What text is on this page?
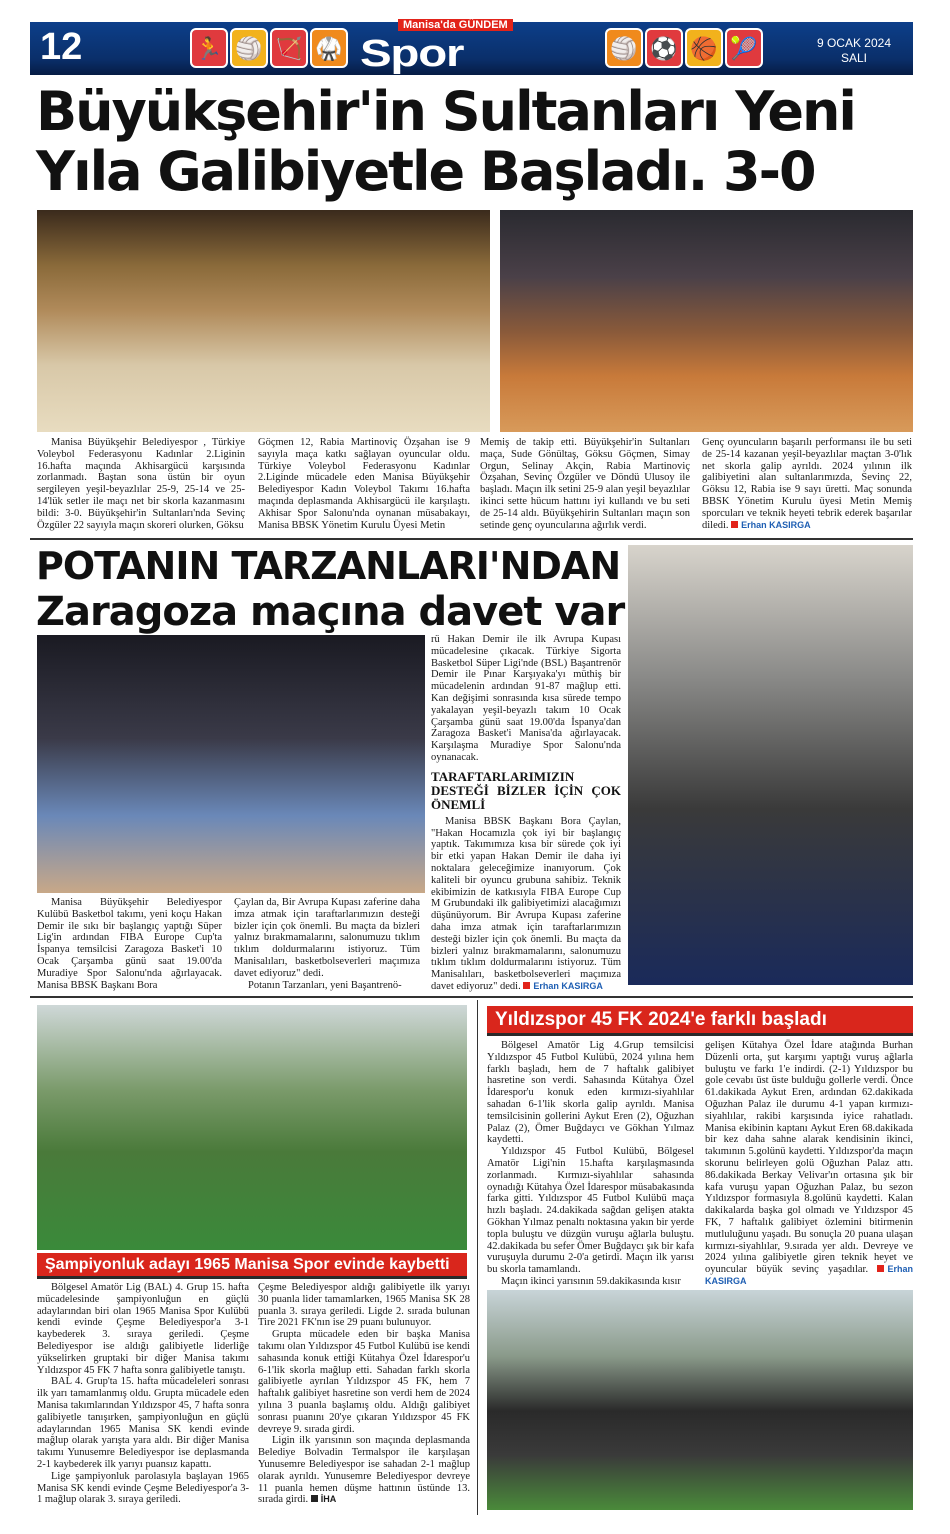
12	🏃 🏐 🏹 🥋 Spor
Manisa'da GÜNDEM
🏐 ⚽ 🏀 🎾	9 OCAK 2024
SALI
Büyükşehir'in Sultanları Yeni
Yıla Galibiyetle Başladı. 3-0

Manisa Büyükşehir Belediyespor , Türkiye Voleybol Federasyonu Kadınlar 2.Liginin 16.hafta maçında Akhisargücü karşısında zorlanmadı. Baştan sona üstün bir oyun sergileyen yeşil-beyazlılar 25-9, 25-14 ve 25-14'lük setler ile maçı net bir skorla kazanmasını bildi: 3-0. Büyükşehir'in Sultanları'nda Sevinç Özgüler 22 sayıyla maçın skoreri olurken, Göksu

Göçmen 12, Rabia Martinoviç Özşahan ise 9 sayıyla maça katkı sağlayan oyuncular oldu. Türkiye Voleybol Federasyonu Kadınlar 2.Liginde mücadele eden Manisa Büyükşehir Belediyespor Kadın Voleybol Takımı 16.hafta maçında deplasmanda Akhisargücü ile karşılaştı. Akhisar Spor Salonu'nda oynanan müsabakayı, Manisa BBSK Yönetim Kurulu Üyesi Metin

Memiş de takip etti. Büyükşehir'in Sultanları maça, Sude Gönültaş, Göksu Göçmen, Simay Orgun, Selinay Akçin, Rabia Martinoviç Özşahan, Sevinç Özgüler ve Döndü Ulusoy ile başladı. Maçın ilk setini 25-9 alan yeşil beyazlılar ikinci sette hücum hattını iyi kullandı ve bu seti de 25-14 aldı. Büyükşehirin Sultanları maçın son setinde genç oyuncularına ağırlık verdi.

Genç oyuncuların başarılı performansı ile bu seti de 25-14 kazanan yeşil-beyazlılar maçtan 3-0'lık net skorla galip ayrıldı. 2024 yılının ilk galibiyetini alan sultanlarımızda, Sevinç 22, Göksu 12, Rabia ise 9 sayı üretti. Maç sonunda BBSK Yönetim Kurulu üyesi Metin Memiş sporcuları ve teknik heyeti tebrik ederek başarılar diledi. Erhan KASIRGA

POTANIN TARZANLARI'NDAN
Zaragoza maçına davet var

rü Hakan Demir ile ilk Avrupa Kupası mücadelesine çıkacak. Türkiye Sigorta Basketbol Süper Ligi'nde (BSL) Başantrenör Demir ile Pınar Karşıyaka'yı müthiş bir mücadelenin ardından 91-87 mağlup etti. Kan değişimi sonrasında kısa sürede tempo yakalayan yeşil-beyazlı takım 10 Ocak Çarşamba günü saat 19.00'da İspanya'dan Zaragoza Basket'i Manisa'da ağırlayacak. Karşılaşma Muradiye Spor Salonu'nda oynanacak.

TARAFTARLARIMIZIN DESTEĞİ BİZLER İÇİN ÇOK ÖNEMLİ

Manisa BBSK Başkanı Bora Çaylan, "Hakan Hocamızla çok iyi bir başlangıç yaptık. Takımımıza kısa bir sürede çok iyi bir etki yapan Hakan Demir ile daha iyi noktalara geleceğimize inanıyorum. Çok kaliteli bir oyuncu grubuna sahibiz. Teknik ekibimizin de katkısıyla FIBA Europe Cup M Grubundaki ilk galibiyetimizi alacağımızı düşünüyorum. Bir Avrupa Kupası zaferine daha imza atmak için taraftarlarımızın desteği bizler için çok önemli. Bu maçta da bizleri yalnız bırakmamalarını, salonumuzu tıklım tıklım doldurmalarını istiyoruz. Tüm Manisalıları, basketbolseverleri maçımıza davet ediyoruz" dedi. Erhan KASIRGA

Manisa Büyükşehir Belediyespor Kulübü Basketbol takımı, yeni koçu Hakan Demir ile sıkı bir başlangıç yaptığı Süper Lig'in ardından FIBA Europe Cup'ta İspanya temsilcisi Zaragoza Basket'i 10 Ocak Çarşamba günü saat 19.00'da Muradiye Spor Salonu'nda ağırlayacak. Manisa BBSK Başkanı Bora

Çaylan da, Bir Avrupa Kupası zaferine daha imza atmak için taraftarlarımızın desteği bizler için çok önemli. Bu maçta da bizleri yalnız bırakmamalarını, salonumuzu tıklım tıklım doldurmalarını istiyoruz. Tüm Manisalıları, basketbolseverleri maçımıza davet ediyoruz" dedi.

Potanın Tarzanları, yeni Başantrenö-

Şampiyonluk adayı 1965 Manisa Spor evinde kaybetti

Bölgesel Amatör Lig (BAL) 4. Grup 15. hafta mücadelesinde şampiyonluğun en güçlü adaylarından biri olan 1965 Manisa Spor Kulübü kendi evinde Çeşme Belediyespor'a 3-1 kaybederek 3. sıraya geriledi. Çeşme Belediyespor ise aldığı galibiyetle liderliğe yükselirken gruptaki bir diğer Manisa takımı Yıldızspor 45 FK 7 hafta sonra galibiyetle tanıştı.

BAL 4. Grup'ta 15. hafta mücadeleleri sonrası ilk yarı tamamlanmış oldu. Grupta mücadele eden Manisa takımlarından Yıldızspor 45, 7 hafta sonra galibiyetle tanışırken, şampiyonluğun en güçlü adaylarından 1965 Manisa SK kendi evinde mağlup olarak yarışta yara aldı. Bir diğer Manisa takımı Yunusemre Belediyespor ise deplasmanda 2-1 kaybederek ilk yarıyı puansız kapattı.

Lige şampiyonluk parolasıyla başlayan 1965 Manisa SK kendi evinde Çeşme Belediyespor'a 3-1 mağlup olarak 3. sıraya geriledi.

Çeşme Belediyespor aldığı galibiyetle ilk yarıyı 30 puanla lider tamamlarken, 1965 Manisa SK 28 puanla 3. sıraya geriledi. Ligde 2. sırada bulunan Tire 2021 FK'nın ise 29 puanı bulunuyor.

Grupta mücadele eden bir başka Manisa takımı olan Yıldızspor 45 Futbol Kulübü ise kendi sahasında konuk ettiği Kütahya Özel İdarespor'u 6-1'lik skorla mağlup etti. Sahadan farklı skorla galibiyetle ayrılan Yıldızspor 45 FK, hem 7 haftalık galibiyet hasretine son verdi hem de 2024 yılına 3 puanla başlamış oldu. Aldığı galibiyet sonrası puanını 20'ye çıkaran Yıldızspor 45 FK devreye 9. sırada girdi.

Ligin ilk yarısının son maçında deplasmanda Belediye Bolvadin Termalspor ile karşılaşan Yunusemre Belediyespor ise sahadan 2-1 mağlup olarak ayrıldı. Yunusemre Belediyespor devreye 11 puanla hemen düşme hattının üstünde 13. sırada girdi. İHA

Yıldızspor 45 FK 2024'e farklı başladı

Bölgesel Amatör Lig 4.Grup temsilcisi Yıldızspor 45 Futbol Kulübü, 2024 yılına hem farklı başladı, hem de 7 haftalık galibiyet hasretine son verdi. Sahasında Kütahya Özel İdarespor'u konuk eden kırmızı-siyahlılar sahadan 6-1'lik skorla galip ayrıldı. Manisa temsilcisinin gollerini Aykut Eren (2), Oğuzhan Palaz (2), Ömer Buğdaycı ve Gökhan Yılmaz kaydetti.

Yıldızspor 45 Futbol Kulübü, Bölgesel Amatör Ligi'nin 15.hafta karşılaşmasında zorlanmadı. Kırmızı-siyahlılar sahasında oynadığı Kütahya Özel İdarespor müsabakasında farka gitti. Yıldızspor 45 Futbol Kulübü maça hızlı başladı. 24.dakikada sağdan gelişen atakta Gökhan Yılmaz penaltı noktasına yakın bir yerde topla buluştu ve düzgün vuruşu ağlarla buluştu. 42.dakikada bu sefer Ömer Buğdaycı şık bir kafa vuruşuyla durumu 2-0'a getirdi. Maçın ilk yarısı bu skorla tamamlandı.

Maçın ikinci yarısının 59.dakikasında kısır

gelişen Kütahya Özel İdare atağında Burhan Düzenli orta, şut karşımı yaptığı vuruş ağlarla buluştu ve farkı 1'e indirdi. (2-1) Yıldızspor bu gole cevabı üst üste bulduğu gollerle verdi. Önce 61.dakikada Aykut Eren, ardından 62.dakikada Oğuzhan Palaz ile durumu 4-1 yapan kırmızı-siyahlılar, rakibi karşısında iyice rahatladı. Manisa ekibinin kaptanı Aykut Eren 68.dakikada bir kez daha sahne alarak kendisinin ikinci, takımının 5.golünü kaydetti. Yıldızspor'da maçın skorunu belirleyen golü Oğuzhan Palaz attı. 86.dakikada Berkay Velivar'ın ortasına şık bir kafa vuruşu yapan Oğuzhan Palaz, bu sezon Yıldızspor formasıyla 8.golünü kaydetti. Kalan dakikalarda başka gol olmadı ve Yıldızspor 45 FK, 7 haftalık galibiyet özlemini bitirmenin mutluluğunu yaşadı. Bu sonuçla 20 puana ulaşan kırmızı-siyahlılar, 9.sırada yer aldı. Devreye ve 2024 yılına galibiyetle giren teknik heyet ve oyuncular büyük sevinç yaşadılar. Erhan KASIRGA
